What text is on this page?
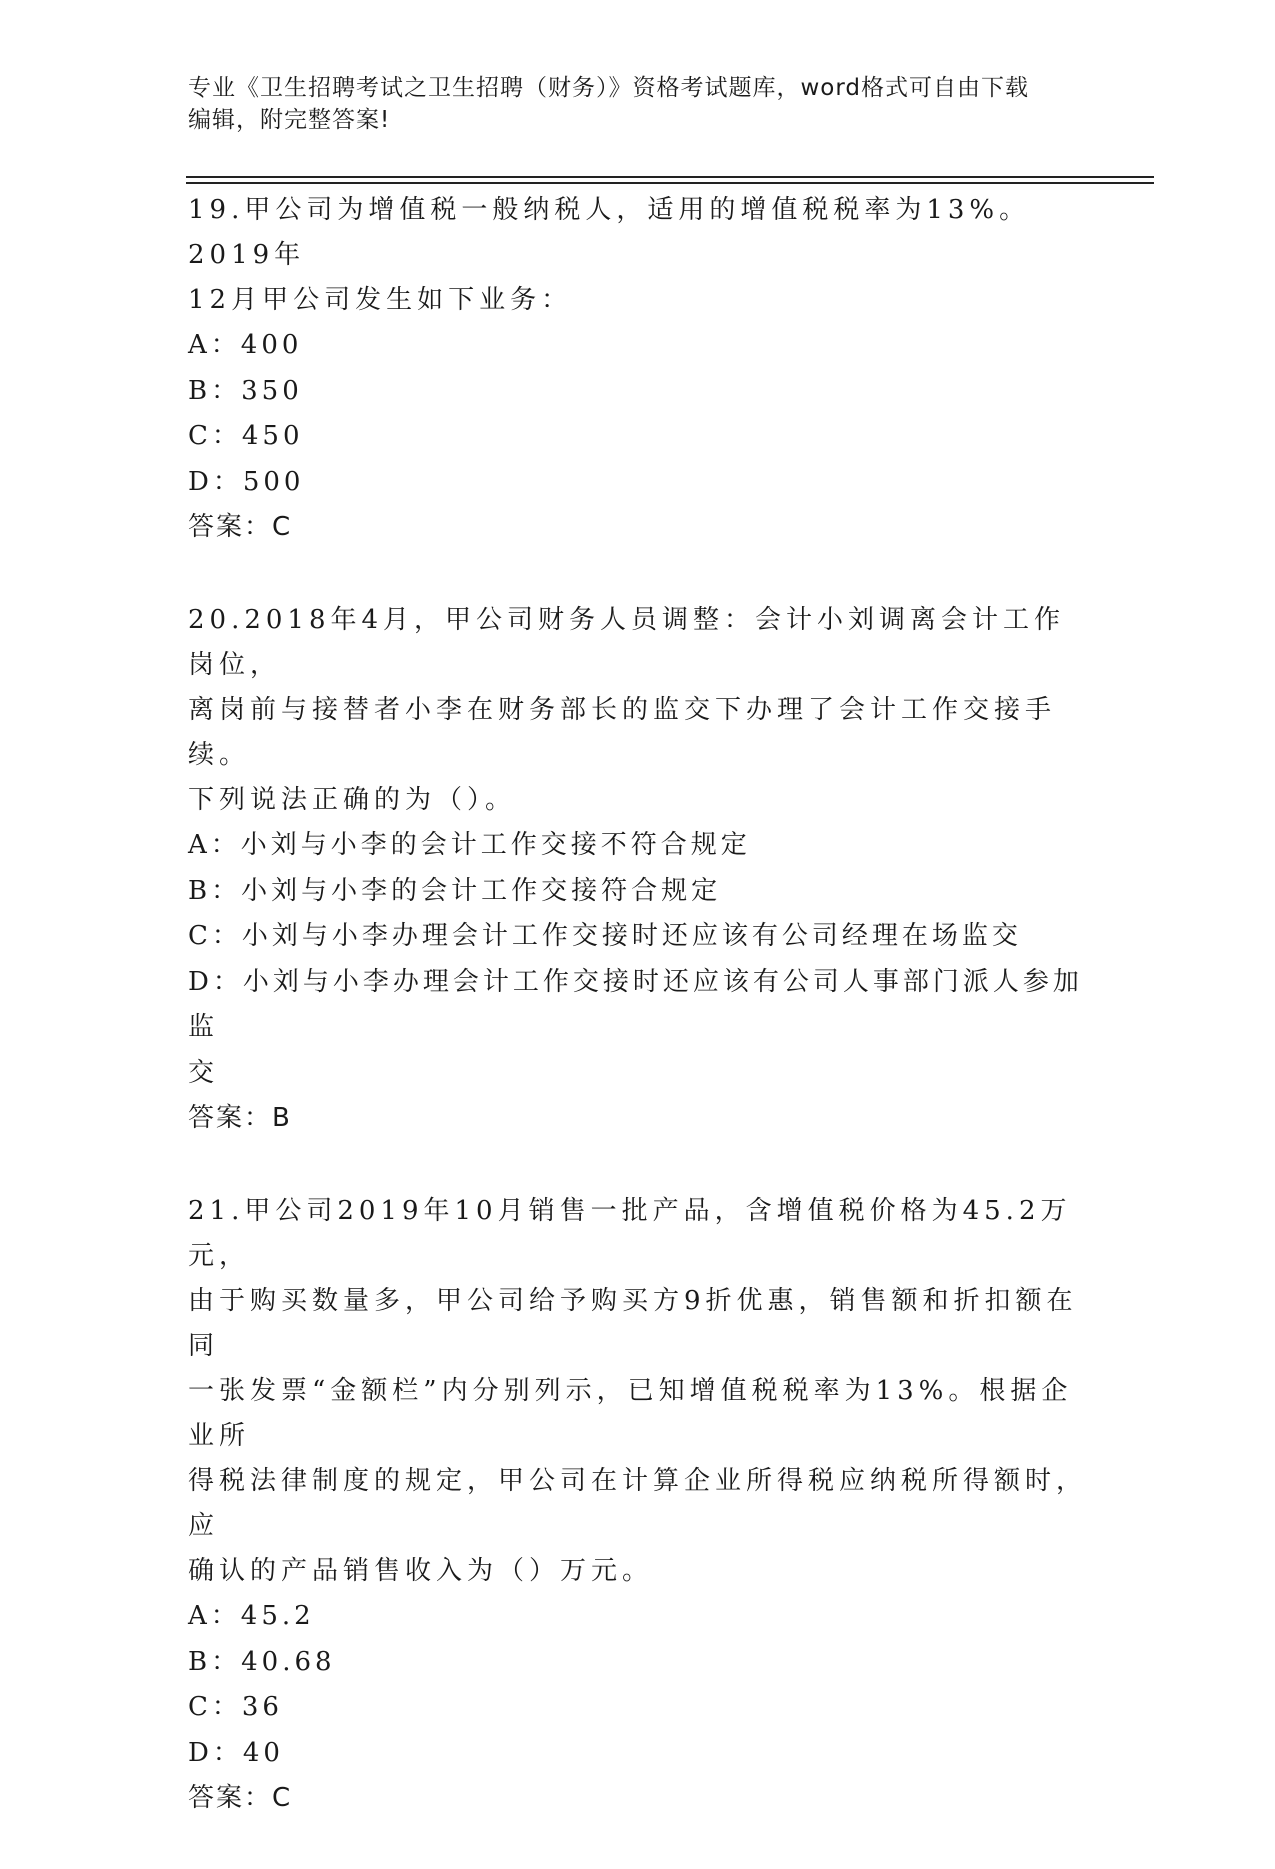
专业《卫生招聘考试之卫生招聘（财务）》资格考试题库，word格式可自由下载
编辑，附完整答案!
19.甲公司为增值税一般纳税人，适用的增值税税率为13%。2019年
12月甲公司发生如下业务：
A：400
B：350
C：450
D：500
答案：C
20.2018年4月，甲公司财务人员调整：会计小刘调离会计工作岗位，
离岗前与接替者小李在财务部长的监交下办理了会计工作交接手续。
下列说法正确的为（）。
A：小刘与小李的会计工作交接不符合规定
B：小刘与小李的会计工作交接符合规定
C：小刘与小李办理会计工作交接时还应该有公司经理在场监交
D：小刘与小李办理会计工作交接时还应该有公司人事部门派人参加监
交
答案：B
21.甲公司2019年10月销售一批产品，含增值税价格为45.2万元，
由于购买数量多，甲公司给予购买方9折优惠，销售额和折扣额在同
一张发票“金额栏”内分别列示，已知增值税税率为13%。根据企业所
得税法律制度的规定，甲公司在计算企业所得税应纳税所得额时，应
确认的产品销售收入为（）万元。
A：45.2
B：40.68
C：36
D：40
答案：C
